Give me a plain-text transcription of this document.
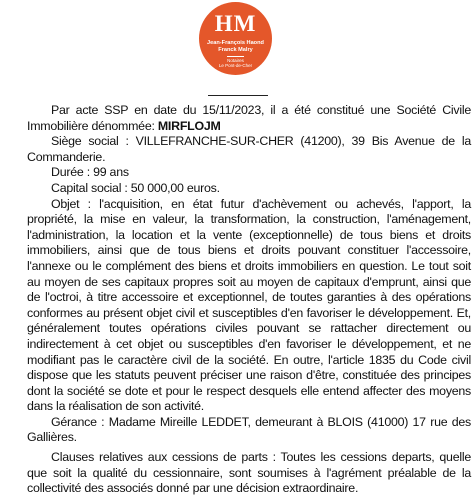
HM
Jean-François Haond
Franck Malry
Notaires
Le Pont-de-Cher

Par acte SSP en date du 15/11/2023, il a été constitué une Société Civile Immobilière dénommée: MIRFLOJM

Siège social : VILLEFRANCHE-SUR-CHER (41200), 39 Bis Avenue de la Commanderie.

Durée : 99 ans

Capital social : 50 000,00 euros.

Objet : l'acquisition, en état futur d'achèvement ou achevés, l'apport, la propriété, la mise en valeur, la transformation, la construction, l'aménagement, l'administration, la location et la vente (exceptionnelle) de tous biens et droits immobiliers, ainsi que de tous biens et droits pouvant constituer l'accessoire, l'annexe ou le complément des biens et droits immobiliers en question. Le tout soit au moyen de ses capitaux propres soit au moyen de capitaux d'emprunt, ainsi que de l'octroi, à titre accessoire et exceptionnel, de toutes garanties à des opérations conformes au présent objet civil et susceptibles d'en favoriser le développement. Et, généralement toutes opérations civiles pouvant se rattacher directement ou indirectement à cet objet ou susceptibles d'en favoriser le développement, et ne modifiant pas le caractère civil de la société. En outre, l'article 1835 du Code civil dispose que les statuts peuvent préciser une raison d'être, constituée des principes dont la société se dote et pour le respect desquels elle entend affecter des moyens dans la réalisation de son activité.

Gérance : Madame Mireille LEDDET, demeurant à BLOIS (41000) 17 rue des Gallières.

Clauses relatives aux cessions de parts : Toutes les cessions departs, quelle que soit la qualité du cessionnaire, sont soumises à l'agrément préalable de la collectivité des associés donné par une décision extraordinaire.
